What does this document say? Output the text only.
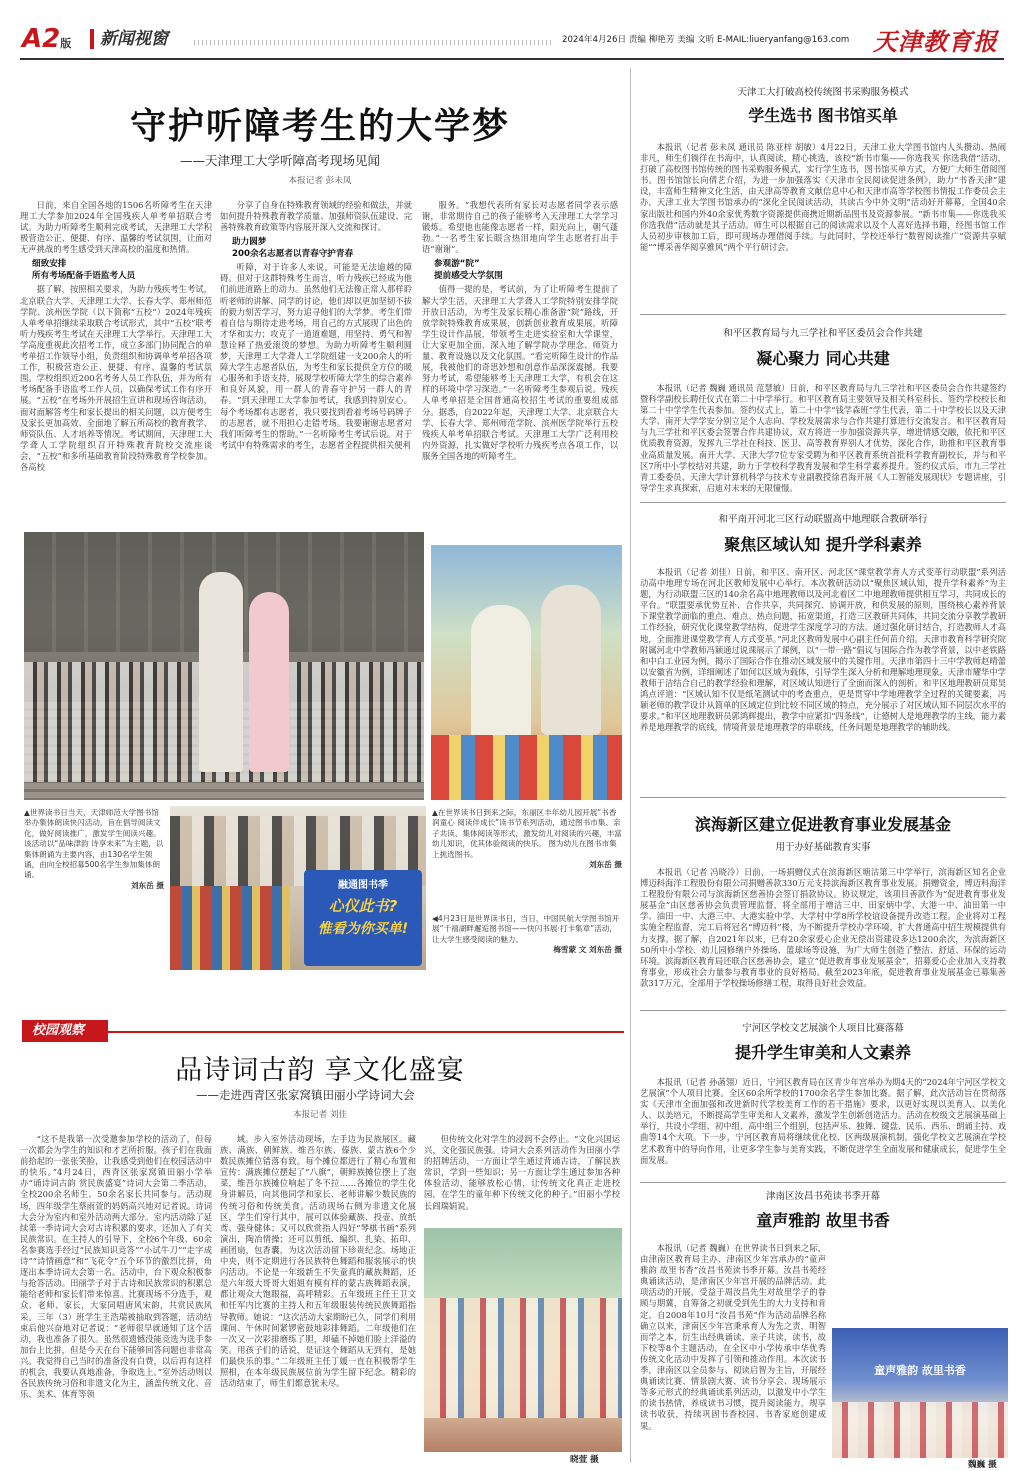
A2版	新闻视窗	2024年4月26日 责编 柳艳芳 美编 文昕 E-MAIL:liueryanfang@163.com 天津教育报
守护听障考生的大学梦
——天津理工大学听障高考现场见闻
本报记者 彭未凤

日前，来自全国各地的1506名听障考生在天津理工大学参加2024年全国残疾人单考单招联合考试。为助力听障考生顺利完成考试，天津理工大学积极营造公正、便捷、有序、温馨的考试氛围，让面对无声挑战的考生感受到天津高校的温度和热情。

细致安排
所有考场配备手语监考人员

据了解，按照相关要求，为助力残疾考生考试，北京联合大学、天津理工大学、长春大学、郑州师范学院、滨州医学院（以下简称“五校”）2024年残疾人单考单招继续采取联合考试形式，其中“五校”联考听力残疾考生考试在天津理工大学举行。天津理工大学高度重视此次招考工作，成立多部门协同配合的单考单招工作领导小组，负责组织和协调单考单招各项工作，积极营造公正、便捷、有序、温馨的考试氛围。学校组织近200名考务人员工作队伍，并为所有考场配备手语监考工作人员，以确保考试工作有序开展。“五校”在考场外开展招生宣讲和现场咨询活动，面对面解答考生和家长提出的相关问题，以方便考生及家长更加高效、全面地了解五所高校的教育教学、师资队伍、人才培养等情况。考试期间，天津理工大学聋人工学院组织召开特殊教育院校交流座谈会，“五校”和多所基础教育阶段特殊教育学校参加。各高校

分享了自身在特殊教育领域的经验和做法，并就如何提升特殊教育教学质量、加强师资队伍建设、完善特殊教育政策等内容展开深入交流和探讨。

助力圆梦
200余名志愿者以青春守护青春

听障，对于许多人来说，可能是无法逾越的障碍。但对于这群特殊考生而言，听力残疾已经成为他们前进道路上的动力。虽然他们无法像正常人那样聆听老师的讲解、同学的讨论，他们却以更加坚韧不拔的毅力刻苦学习，努力追寻他们的大学梦。考生们带着自信与期待走进考场，用自己的方式展现了出色的才华和实力；攻克了一道道难题，用坚持、勇气和智慧诠释了热爱滚烫的梦想。为助力听障考生顺利圆梦，天津理工大学聋人工学院组建一支200余人的听障大学生志愿者队伍，为考生和家长提供全方位的暖心服务和手语支持，展现学校听障大学生的综合素养和良好风貌，用一群人的青春守护另一群人的青春。“到天津理工大学参加考试，我感到特别安心。每个考场都有志愿者，我只要找到看着考场号码牌子的志愿者，就不用担心走错考场。我要谢谢志愿者对我们听障考生的帮助。”一名听障考生考试后说。对于考试中有特殊需求的考生，志愿者全程提供相关便利

服务。“我想代表所有家长对志愿者同学表示感谢，非常期待自己的孩子能够考入天津理工大学学习锻炼。希望他也能像志愿者一样，阳光向上，朝气蓬勃。”一名考生家长眼含热泪地向学生志愿者打出手语“谢谢”。

参观游“院”
提前感受大学氛围

值得一提的是，考试前，为了让听障考生提前了解大学生活，天津理工大学聋人工学院特别安排学院开放日活动，为考生及家长精心准备游“院”路线，开放学院特殊教育成果展，创新创业教育成果展，听障学生设计作品展，带领考生走进实验室和大学课堂，让大家更加全面、深入地了解学院办学理念、师资力量、教育设施以及文化氛围。“看完听障生设计的作品展，我被他们的奇思妙想和创意作品深深震撼。我要努力考试，希望能够考上天津理工大学，有机会在这样的环境中学习深造。”一名听障考生参观后说。残疾人单考单招是全国普通高校招生考试的重要组成部分。据悉，自2022年起，天津理工大学、北京联合大学、长春大学、郑州师范学院、滨州医学院举行五校残疾人单考单招联合考试。天津理工大学广泛利用校内外资源，扎实做好学校听力残疾考点各项工作，以服务全国各地的听障考生。

▲世界读书日当天，天津师范大学图书馆举办集体朗读快闪活动，旨在倡导阅读文化，做好阅读推广，激发学生阅读兴趣。该活动以“品味津韵 诗享未来”为主题，以集体朗诵为主要内容，由130名学生领诵，由向全校招募500名学生参加集体朗诵。

刘东岳 摄	融通图书季
心仪此书?
惟看为你买单!

▲在世界读书日到来之际，东丽区丰年幼儿园开展“书香润童心 阅读伴成长”读书节系列活动，通过图书市集、亲子共读、集体阅读等形式，激发幼儿对阅读的兴趣，丰富幼儿知识，优其体验阅读的快乐。 图为幼儿在图书市集上挑选图书。

刘东岳 摄

◀4月23日是世界读书日，当日，中国民航大学图书馆开展“千禧湖畔邂逅图书馆——快闪书展·打卡集章”活动，让大学生感受阅读的魅力。

梅雪蒙 文 刘东岳 摄

校园观察
品诗词古韵 享文化盛宴
——走进西青区张家窝镇田丽小学诗词大会
本报记者 刘佳

“这不是我第一次受邀参加学校的活动了，但每一次都会为学生的知识和才艺所折服。孩子们在我面前拾起的一张张笑脸，让我感受到他们在校园活动中的快乐。”4月24日，西青区张家窝镇田丽小学举办“诵诗词古韵 赏民族盛宴”诗词大会第二季活动，全校200余名师生、50余名家长共同参与。活动现场，四年级学生蔡雨萱的妈妈高兴地对记者说。诗词大会分为室内和室外活动两大部分。室内活动除了延续第一季诗词大会对古诗积累的要求，还加入了有关民族常识。在主持人的引导下，全校6个年级、60余名参赛选手经过“民族知识竞答”“小试牛刀”“走字成诗”“诗情画意”和“飞花令”五个环节的激烈比拼，角逐出本季诗词大会第一名。活动中，台下观众积极参与抢答活动。田丽学子对于古诗和民族常识的积累总能给老师和家长们带来惊喜。比赛现场不分选手，观众、老师、家长，大家同唱唐风宋韵，共赏民族风采。三年（3）班学生王浩瑞被抽取到答题，活动结束后他兴奋地对记者说：“老师很早就通知了这个活动，我也准备了很久。虽然很遗憾没能竞选为选手参加台上比拼，但是今天在台下能够回答问题也非常高兴。我觉得自己当时的准备没有白费，以后再有这样的机会，我要认真地准备，争取选上。”室外活动则以各民族传统习俗和非遗文化为主，涵盖传统文化、音乐、美术、体育等领

域。步入室外活动现场，左手边为民族展区。藏族、满族、朝鲜族、维吾尔族、傣族、蒙古族6个少数民族摊位错落有致。每个摊位都进行了精心布置和宣传：满族摊位摆起了“八旗”，朝鲜族摊位摆上了泡菜，维吾尔族摊位响起了冬不拉……各摊位的学生化身讲解员，向其他同学和家长、老师讲解少数民族的传统习俗和传统美食。活动现场右侧为非遗文化展区，学生们穿行其中，展可以体验藏族、投壶、放纸鸢、强身健体；又可以欣赏指人四好“琴棋书画”系列演出，陶冶情操；还可以剪纸、编织、扎染、拓印、画团扇，包香囊，为这次活动留下珍贵纪念。场地正中央，则不定期进行各民族特色舞蹈和服装展示的快闪活动。不论是一年级新生不失童真的藏族舞蹈，还是六年级大哥哥大姐姐有模有样的蒙古族舞蹈表演，都让观众大饱眼福，高呼精彩。五年级班主任王卫文和任军内比赛的主持人和五年级服装传统民族舞蹈指导教师。她说：“这次活动大家期盼已久，同学们利用课间、午休时间紧锣密鼓地彩排舞蹈。二年级他们在一次又一次彩排磨练了胆，却磕不掉她们脸上洋溢的笑。用孩子们的话说，是证这个舞蹈从无到有，是她们最快乐的事。”二年级班主任丁媛一直在积极帮学生照相，在本年级民族展位前为学生留下纪念。精彩的活动结束了，师生们都意犹未尽。

但传统文化对学生的浸润不会停止。“文化兴国运兴，文化强民族强。诗词大会系列活动作为田丽小学的招牌活动，一方面让学生通过背诵古诗，了解民族常识，学到一些知识；另一方面让学生通过参加各种体验活动，能够放松心情，让传统文化真正走进校园，在学生的童年种下传统文化的种子。”田丽小学校长阎瑞娟说。

晓萱 摄
天津工大打破高校传统图书采购服务模式
学生选书 图书馆买单

本报讯（记者 彭未凤 通讯员 陈亚梓 胡敏）4月22日，天津工业大学图书馆内人头攒动、热闹非凡，师生们徜徉在书海中，认真阅读，精心挑选，该校“新书市集——你选我买 你选我借”活动，打破了高校图书馆传统的图书采购服务模式，实行学生选书，图书馆买单方式，方便广大师生借阅图书。图书馆馆长向倩艺介绍，为进一步加强落实《天津市全民阅读促进条例》，助力“书香天津”建设，丰富师生精神文化生活，由天津高等教育文献信息中心和天津市高等学校图书情报工作委员会主办，天津工业大学图书馆承办的“深化全民阅读活动，共读古今中外文明”活动好开幕幕，全国40余家出版社和国内外40余家优秀数字资源提供商携近期新品图书及资源参展。“新书市集——你选我买 你选我借”活动就是其子活动。师生可以根据自己的阅读需求以及个人喜好选择书籍，经图书馆工作人员初步审核加工后，即可现场办理借阅手续。与此同时，学校还举行“数智阅读推广”资源共享赋能”“博采善华阅享雅风”两个平行研讨会。

和平区教育局与九三学社和平区委员会合作共建
凝心聚力 同心共建

本报讯（记者 魏巍 通讯员 范慧敏）日前，和平区教育局与九三学社和平区委员会合作共建签约暨科学副校长聘任仪式在第二十中学举行。和平区教育局主要领导及相关科室科长、签约学校校长和第二十中学学生代表参加。签约仪式上，第二十中学“钱学森班”学生代表，第二十中学校长以及天津大学、南开大学学安分别立足个人志向、学校发展需求与合作共建打算进行交流发言。和平区教育局与九三学社和平区委会签署合作共建协议，双方将进一步加强资源共享，增进情感交融，依托和平区优质教育资源，发挥九三学社在科技、医卫、高等教育界别人才优势，深化合作，助推和平区教育事业高质量发展。南开大学、天津大学7位专家受聘为和平区教育系统首批科学教育副校长，并与和平区7所中小学校结对共建，助力于学校科学教育发展和学生科学素养提升。签约仪式后，市九三学社青工委委员、天津大学计算机科学与技术专业副教授徐君海开展《人工智能发展现状》专题讲座，引导学生求真探索，启迪对未来的无限憧憬。

和平南开河北三区行动联盟高中地理联合教研举行
聚焦区域认知 提升学科素养

本报讯（记者 刘佳）日前，和平区、南开区、河北区“课堂教学育人方式变革行动联盟”系列活动高中地理专场在河北区教师发展中心举行。本次教研活动以“聚焦区域认知，提升学科素养”为主题，为行动联盟三区的140余名高中地理教师以及河北着区二中地理教师提供相互学习，共同成长的平台。“联盟要承优势互补、合作共享，共同探究、协调开放，和供发展的原则，围绕核心素养背景下课堂教学面临的重点、难点、热点问题，拓宽渠道，打造三区教研共同体，共同交流分享教学教研工作经验，研究优化课堂教学结构，促进学生深度学习的方法。通过强化研讨结合，打造教师人才高地，全面推进课堂教学育人方式变革。”河北区教师发展中心副主任何苗介绍。天津市教育科学研究院附属河北中学教师冯颖通过说课展示了课例，以“一带一路”倡议与国际合作为教学背景，以中老铁路和中白工业园为例，揭示了国际合作在推动区域发展中的关键作用。天津市第四十三中学教师赵晴蕾以安徽省为例，详细阐述了如何以区域为载体，引导学生深入分析和理解地理现象。天津市耀华中学教师于洁结合自己的教学经验和理解，对区域认知进行了全面而深入的剖析。和平区地理教研员郑昊鸿点评道：“区域认知不仅是纸笔测试中的考查重点，更是贯穿中学地理教学全过程的关键要素，冯颖老师的教学设计从简单的区域定位到比较不同区域的特点，充分展示了对区域认知不同层次水平的要求。”和平区地理教研员郭鸿辉提出，教学中应紧扣“四条线”，让德树人是地理教学的主线，能力素养是地理教学的底线，情境背景是地理教学的串联线，任务问题是地理教学的辅助线。

滨海新区建立促进教育事业发展基金
用于办好基础教育实事

本报讯（记者 冯晓冷）日前，一场捐赠仪式在滨海新区塘沽第三中学举行，滨海新区知名企业博迈科海洋工程股份有限公司捐赠善款330万元支持滨海新区教育事业发展。捐赠资金，博迈科海洋工程股份有限公司与滨海新区慈善协会签订捐款协议。协议规定，该项目善款作为“促进教育事业发展基金”由区慈善协会负责管理监督，将全部用于增洁三中、田家炳中学、大港一中、油田第一中学、油田一中、大港三中、大港实验中学、大学村中学8所学校谊设备提升改造工程。企业将对工程实施全程监督，完工后将冠名“博迈科”楼，为不断提升学校办学环境，扩大普通高中招生规模提供有力支撑。据了解，自2021年以来，已有20余家爱心企业无偿出资建设多达1200余次，为滨海新区50所中小学校、幼儿园修缮户外操场、篮球场等设施，为广大师生创造了整洁、舒适、环保的运动环境。滨海新区教育局还联合区慈善协会，建立“促进教育事业发展基金”，招募爱心企业加入支持教育事业，形成社会力量参与教育事业的良好格局。截至2023年底，促进教育事业发展基金已募集善款317万元，全部用于学校操场修缮工程，取得良好社会效益。

宁河区学校文艺展演个人项目比赛落幕
提升学生审美和人文素养

本报讯（记者 孙菡翎）近日，宁河区教育局在区青少年宫举办为期4天的“2024年宁河区学校文艺展演”个人项目比赛。全区60余所学校的1700余名学生参加比赛。据了解，此次活动旨在贯彻落实《天津市全面加强和改进新时代学校美育工作的若干措施》要求，以更好实现以美育人、以美化人、以美培元，不断提高学生审美和人文素养，激发学生创新创造活力。活动在校级文艺展演基础上举行，共设小学组、初中组、高中组三个组别，包括声乐、独舞、键盘、民乐、西乐、朗诵主持、戏曲等14个大项。下一步，宁河区教育局将继续优化校、区两级展演机制，强化学校文艺展演在学校艺术教育中的导向作用，让更多学生参与美育实践，不断促进学生全面发展和健康成长，促进学生全面发展。

津南区汝昌书苑读书季开幕
童声雅韵 故里书香

本报讯（记者 魏巍）在世界读书日到来之际，由津南区教育局主办、津南区少年宫承办的“童声雅韵 故里书香”汝昌书苑读书季开幕。汝昌书苑经典诵读活动，是津南区少年宫开展的品牌活动。此项活动的开展，受益于周汝昌先生对故里学子的眷顾与期冀，自筹备之初就受到先生的大力支持和肯定。自2008年10月“汝昌书苑”作为活动品牌名称确立以来，津南区少年宫秉承育人为先之责，明智而学之本，衍生出经典诵读、亲子共读，读书，故下校等8个主题活动，在全区中小学传承中华优秀传统文化活动中发挥了引领和推动作用。本次读书季，津南区以全员参与、阅读启智为主旨，开展经典诵读比赛、情景剧大赛、读书分享会、现场展示等多元形式的经典诵读系列活动，以激发中小学生的读书热情，养成读书习惯，提升阅读能力，规享读书收获，持续巩固书香校园、书香家庭创建成果。

童声雅韵 故里书香
魏巍 摄
